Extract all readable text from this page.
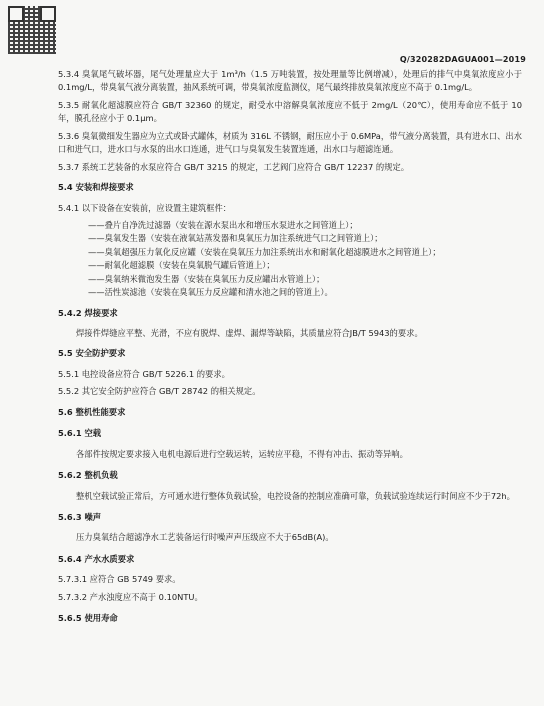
Q/320282DAGUA001—2019
5.3.4 臭氧尾气破坏器，尾气处理量应大于 1m³/h（1.5 万吨装置，按处理量等比例增减），处理后的排气中臭氧浓度应小于 0.1mg/L，带臭氧气液分离装置，抽风系统可调，带臭氧浓度监测仪，尾气最终排放臭氧浓度应不高于 0.1mg/L。
5.3.5 耐氧化超滤膜应符合 GB/T 32360 的规定，耐受水中溶解臭氧浓度应不低于 2mg/L（20℃），使用寿命应不低于 10 年，膜孔径应小于 0.1μm。
5.3.6 臭氧微细发生器应为立式或卧式罐体，材质为 316L 不锈钢，耐压应小于 0.6MPa，带气液分离装置，具有进水口、出水口和进气口，进水口与水泵的出水口连通，进气口与臭氧发生装置连通，出水口与超滤连通。
5.3.7 系统工艺装备的水泵应符合 GB/T 3215 的规定，工艺阀门应符合 GB/T 12237 的规定。
5.4 安装和焊接要求
5.4.1 以下设备在安装前，应设置主建筑框件：
——叠片自净洗过滤器（安装在源水泵出水和增压水泵进水之间管道上）；
——臭氧发生器（安装在液氧站蒸发器和臭氧压力加注系统进气口之间管道上）；
——臭氧超强压力氧化反应罐（安装在臭氧压力加注系统出水和耐氧化超滤膜进水之间管道上）；
——耐氧化超滤膜（安装在臭氧脱气罐后管道上）；
——臭氧纳米微泡发生器（安装在臭氧压力反应罐出水管道上）；
——活性炭滤池（安装在臭氧压力反应罐和清水池之间的管道上）。
5.4.2 焊接要求
焊接件焊缝应平整、光滑，不应有脱焊、虚焊、漏焊等缺陷，其质量应符合JB/T 5943的要求。
5.5 安全防护要求
5.5.1 电控设备应符合 GB/T 5226.1 的要求。
5.5.2 其它安全防护应符合 GB/T 28742 的相关规定。
5.6 整机性能要求
5.6.1 空载
各部件按规定要求接入电机电源后进行空载运转，运转应平稳，不得有冲击、振动等异响。
5.6.2 整机负载
整机空载试验正常后，方可通水进行整体负载试验，电控设备的控制应准确可靠，负载试验连续运行时间应不少于72h。
5.6.3 噪声
压力臭氧结合超滤净水工艺装备运行时噪声声压级应不大于65dB(A)。
5.6.4 产水水质要求
5.7.3.1 应符合 GB 5749 要求。
5.7.3.2 产水浊度应不高于 0.10NTU。
5.6.5 使用寿命
